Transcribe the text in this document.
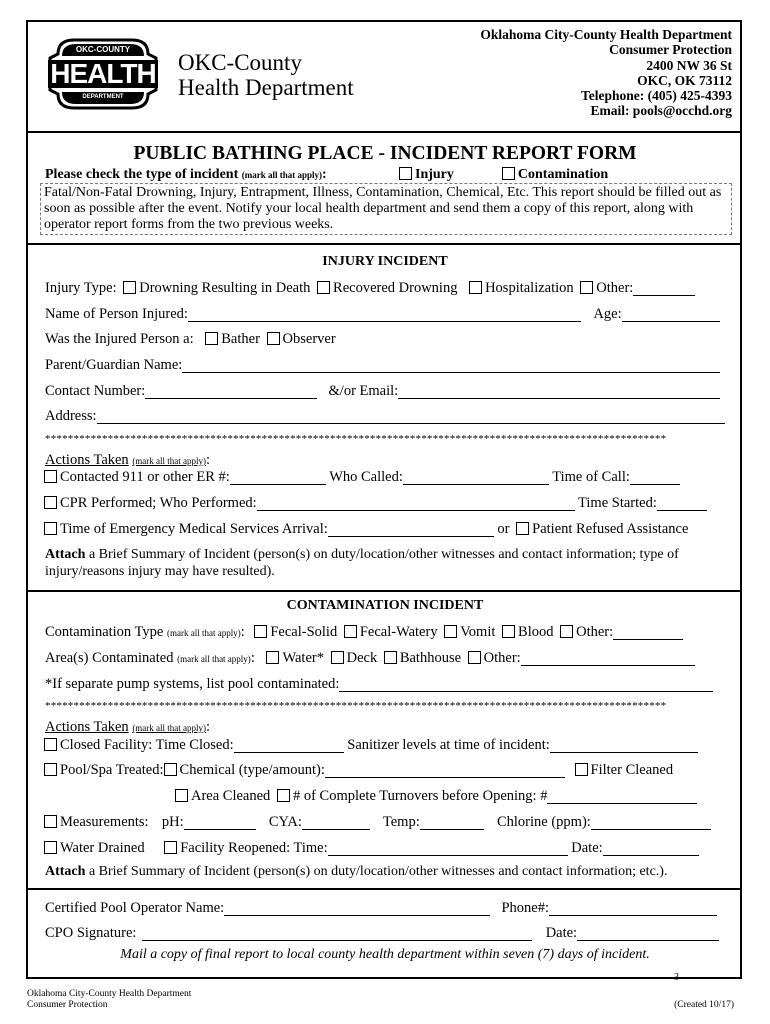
OKC-COUNTY
HEALTH
DEPARTMENT
OKC-County
Health Department
Oklahoma City-County Health Department
Consumer Protection
2400 NW 36 St
OKC, OK 73112
Telephone: (405) 425-4393
Email: pools@occhd.org
PUBLIC BATHING PLACE - INCIDENT REPORT FORM
Please check the type of incident (mark all that apply):	Injury	Contamination
Fatal/Non-Fatal Drowning, Injury, Entrapment, Illness, Contamination, Chemical, Etc. This report should be filled out as soon as possible after the event. Notify your local health department and send them a copy of this report, along with operator report forms from the two previous weeks.
INJURY INCIDENT
Injury Type: Drowning Resulting in Death Recovered Drowning Hospitalization Other:
Name of Person Injured:	Age:
Was the Injured Person a: Bather Observer
Parent/Guardian Name:
Contact Number:	&/or Email:
Address:
*************************************************************************************************************
Actions Taken (mark all that apply):
Contacted 911 or other ER #:	Who Called:	Time of Call:
CPR Performed; Who Performed:	Time Started:
Time of Emergency Medical Services Arrival:	or Patient Refused Assistance
Attach a Brief Summary of Incident (person(s) on duty/location/other witnesses and contact information; type of injury/reasons injury may have resulted).
CONTAMINATION INCIDENT
Contamination Type (mark all that apply): Fecal-Solid Fecal-Watery Vomit Blood Other:
Area(s) Contaminated (mark all that apply): Water* Deck Bathhouse Other:
*If separate pump systems, list pool contaminated:
*************************************************************************************************************
Actions Taken (mark all that apply):
Closed Facility: Time Closed:	Sanitizer levels at time of incident:
Pool/Spa Treated: Chemical (type/amount):	Filter Cleaned
Area Cleaned # of Complete Turnovers before Opening: #
Measurements: pH:	CYA:	Temp:	Chlorine (ppm):
Water Drained Facility Reopened: Time:	Date:
Attach a Brief Summary of Incident (person(s) on duty/location/other witnesses and contact information; etc.).
Certified Pool Operator Name:	Phone#:
CPO Signature:	Date:
Mail a copy of final report to local county health department within seven (7) days of incident.
3
Oklahoma City-County Health Department
Consumer Protection	(Created 10/17)
